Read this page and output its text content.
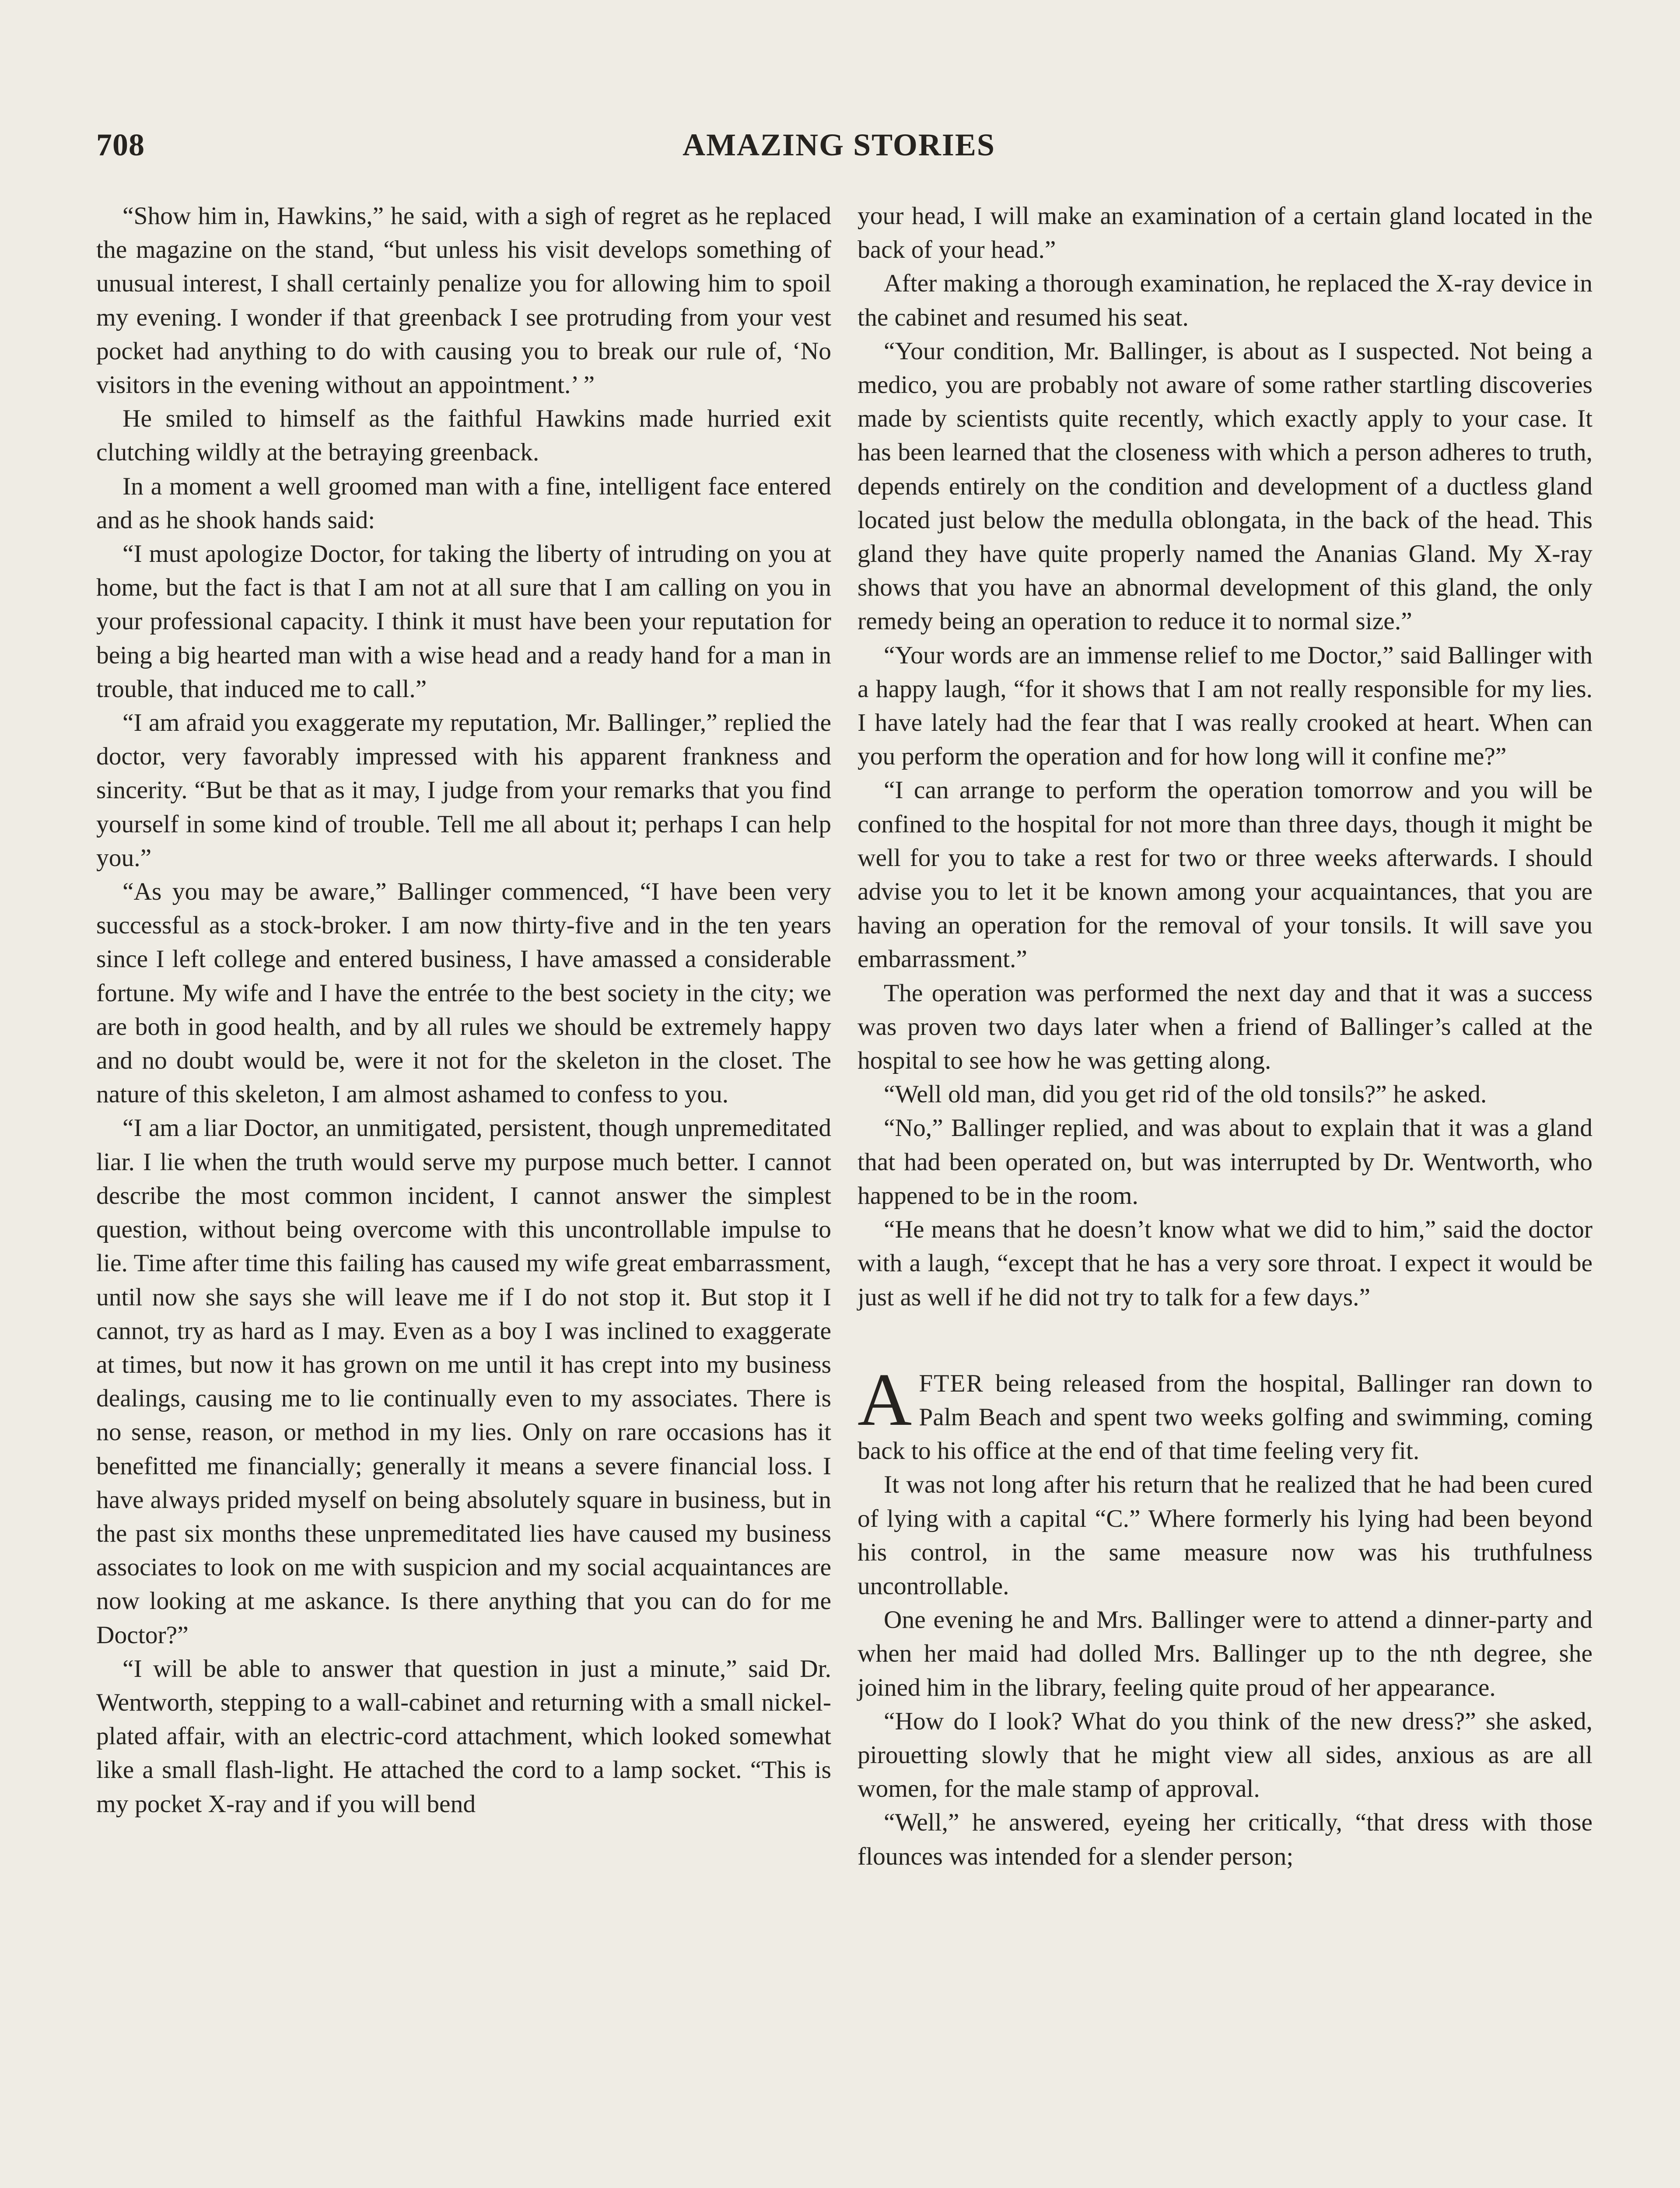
708	AMAZING STORIES

“Show him in, Hawkins,” he said, with a sigh of regret as he replaced the magazine on the stand, “but unless his visit develops something of unusual interest, I shall certainly penalize you for allowing him to spoil my evening. I wonder if that greenback I see protruding from your vest pocket had anything to do with causing you to break our rule of, ‘No visitors in the evening without an appointment.’ ”

He smiled to himself as the faithful Hawkins made hurried exit clutching wildly at the betraying greenback.

In a moment a well groomed man with a fine, intelligent face entered and as he shook hands said:

“I must apologize Doctor, for taking the liberty of intruding on you at home, but the fact is that I am not at all sure that I am calling on you in your professional capacity. I think it must have been your reputation for being a big hearted man with a wise head and a ready hand for a man in trouble, that induced me to call.”

“I am afraid you exaggerate my reputation, Mr. Ballinger,” replied the doctor, very favorably impressed with his apparent frankness and sincerity. “But be that as it may, I judge from your remarks that you find yourself in some kind of trouble. Tell me all about it; perhaps I can help you.”

“As you may be aware,” Ballinger commenced, “I have been very successful as a stock-broker. I am now thirty-five and in the ten years since I left college and entered business, I have amassed a considerable fortune. My wife and I have the entrée to the best society in the city; we are both in good health, and by all rules we should be extremely happy and no doubt would be, were it not for the skeleton in the closet. The nature of this skeleton, I am almost ashamed to confess to you.

“I am a liar Doctor, an unmitigated, persistent, though unpremeditated liar. I lie when the truth would serve my purpose much better. I cannot describe the most common incident, I cannot answer the simplest question, without being overcome with this uncontrollable impulse to lie. Time after time this failing has caused my wife great embarrassment, until now she says she will leave me if I do not stop it. But stop it I cannot, try as hard as I may. Even as a boy I was inclined to exaggerate at times, but now it has grown on me until it has crept into my business dealings, causing me to lie continually even to my associates. There is no sense, reason, or method in my lies. Only on rare occasions has it benefitted me financially; generally it means a severe financial loss. I have always prided myself on being absolutely square in business, but in the past six months these unpremeditated lies have caused my business associates to look on me with suspicion and my social acquaintances are now looking at me askance. Is there anything that you can do for me Doctor?”

“I will be able to answer that question in just a minute,” said Dr. Wentworth, stepping to a wall-cabinet and returning with a small nickel-plated affair, with an electric-cord attachment, which looked somewhat like a small flash-light. He attached the cord to a lamp socket. “This is my pocket X-ray and if you will bend

your head, I will make an examination of a certain gland located in the back of your head.”

After making a thorough examination, he replaced the X-ray device in the cabinet and resumed his seat.

“Your condition, Mr. Ballinger, is about as I suspected. Not being a medico, you are probably not aware of some rather startling discoveries made by scientists quite recently, which exactly apply to your case. It has been learned that the closeness with which a person adheres to truth, depends entirely on the condition and development of a ductless gland located just below the medulla oblongata, in the back of the head. This gland they have quite properly named the Ananias Gland. My X-ray shows that you have an abnormal development of this gland, the only remedy being an operation to reduce it to normal size.”

“Your words are an immense relief to me Doctor,” said Ballinger with a happy laugh, “for it shows that I am not really responsible for my lies. I have lately had the fear that I was really crooked at heart. When can you perform the operation and for how long will it confine me?”

“I can arrange to perform the operation tomorrow and you will be confined to the hospital for not more than three days, though it might be well for you to take a rest for two or three weeks afterwards. I should advise you to let it be known among your acquaintances, that you are having an operation for the removal of your tonsils. It will save you embarrassment.”

The operation was performed the next day and that it was a success was proven two days later when a friend of Ballinger’s called at the hospital to see how he was getting along.

“Well old man, did you get rid of the old tonsils?” he asked.

“No,” Ballinger replied, and was about to explain that it was a gland that had been operated on, but was interrupted by Dr. Wentworth, who happened to be in the room.

“He means that he doesn’t know what we did to him,” said the doctor with a laugh, “except that he has a very sore throat. I expect it would be just as well if he did not try to talk for a few days.”

AFTER being released from the hospital, Ballinger ran down to Palm Beach and spent two weeks golfing and swimming, coming back to his office at the end of that time feeling very fit.

It was not long after his return that he realized that he had been cured of lying with a capital “C.” Where formerly his lying had been beyond his control, in the same measure now was his truthfulness uncontrollable.

One evening he and Mrs. Ballinger were to attend a dinner-party and when her maid had dolled Mrs. Ballinger up to the nth degree, she joined him in the library, feeling quite proud of her appearance.

“How do I look? What do you think of the new dress?” she asked, pirouetting slowly that he might view all sides, anxious as are all women, for the male stamp of approval.

“Well,” he answered, eyeing her critically, “that dress with those flounces was intended for a slender person;
